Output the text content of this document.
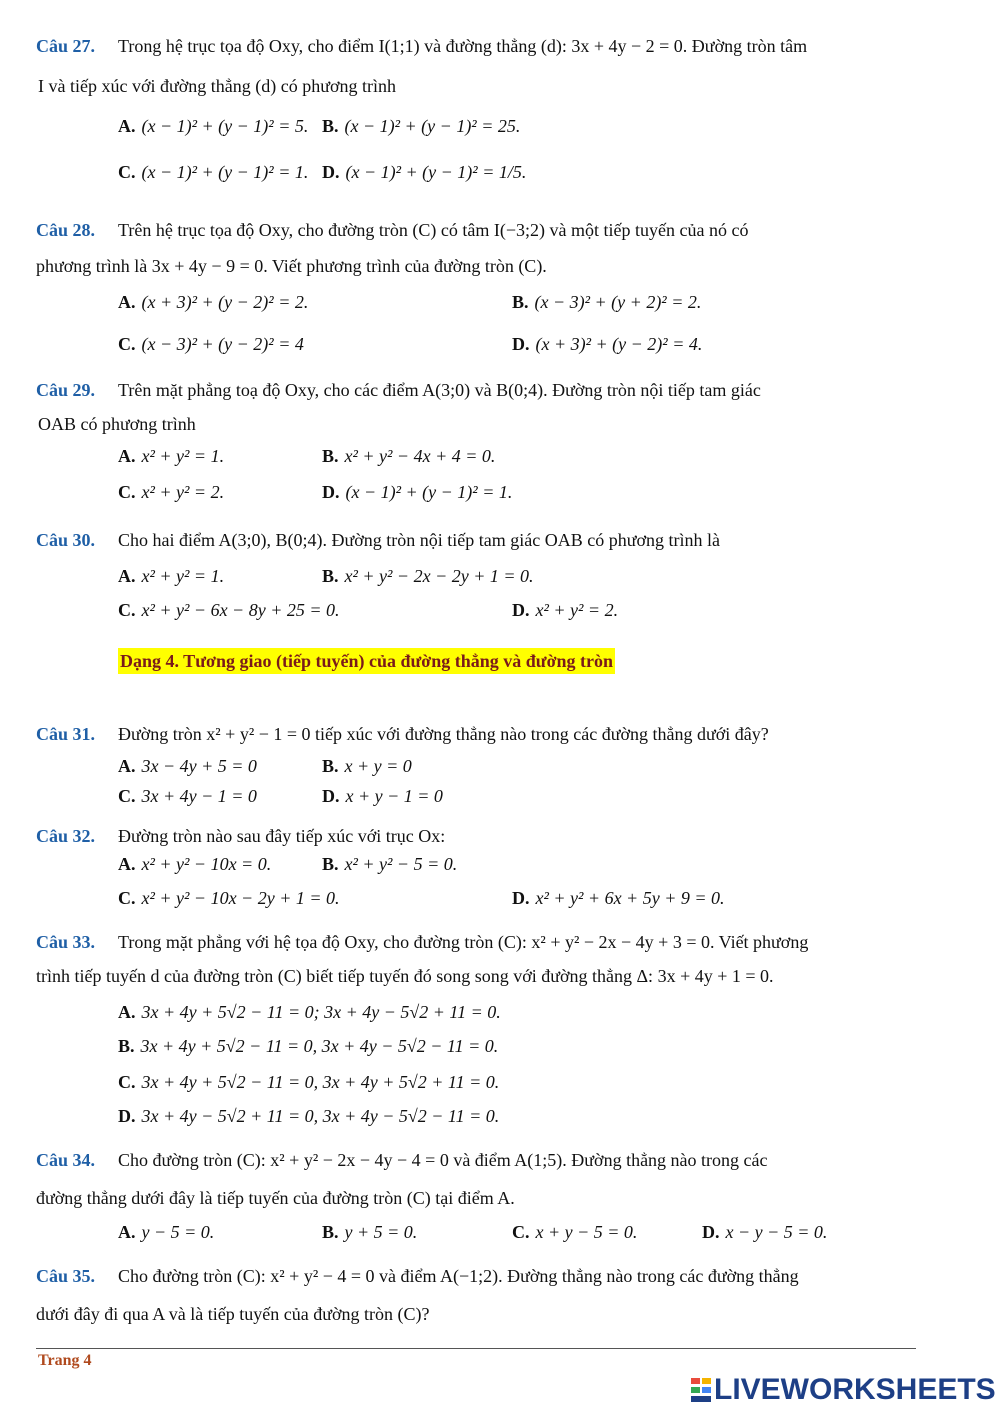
Câu 27. Trong hệ trục tọa độ Oxy, cho điểm I(1;1) và đường thẳng (d): 3x + 4y − 2 = 0. Đường tròn tâm
I và tiếp xúc với đường thẳng (d) có phương trình
A. (x − 1)² + (y − 1)² = 5. B. (x − 1)² + (y − 1)² = 25.
C. (x − 1)² + (y − 1)² = 1. D. (x − 1)² + (y − 1)² = 1/5.
Câu 28. Trên hệ trục tọa độ Oxy, cho đường tròn (C) có tâm I(−3;2) và một tiếp tuyến của nó có
phương trình là 3x + 4y − 9 = 0. Viết phương trình của đường tròn (C).
A. (x + 3)² + (y − 2)² = 2.	B. (x − 3)² + (y + 2)² = 2.
C. (x − 3)² + (y − 2)² = 4	D. (x + 3)² + (y − 2)² = 4.
Câu 29. Trên mặt phẳng toạ độ Oxy, cho các điểm A(3;0) và B(0;4). Đường tròn nội tiếp tam giác
OAB có phương trình
A. x² + y² = 1.	B. x² + y² − 4x + 4 = 0.
C. x² + y² = 2.	D. (x − 1)² + (y − 1)² = 1.
Câu 30. Cho hai điểm A(3;0), B(0;4). Đường tròn nội tiếp tam giác OAB có phương trình là
A. x² + y² = 1.	B. x² + y² − 2x − 2y + 1 = 0.
C. x² + y² − 6x − 8y + 25 = 0.	D. x² + y² = 2.
Dạng 4. Tương giao (tiếp tuyến) của đường thẳng và đường tròn
Câu 31. Đường tròn x² + y² − 1 = 0 tiếp xúc với đường thẳng nào trong các đường thẳng dưới đây?
A. 3x − 4y + 5 = 0	B. x + y = 0
C. 3x + 4y − 1 = 0	D. x + y − 1 = 0
Câu 32. Đường tròn nào sau đây tiếp xúc với trục Ox:
A. x² + y² − 10x = 0.	B. x² + y² − 5 = 0.
C. x² + y² − 10x − 2y + 1 = 0.	D. x² + y² + 6x + 5y + 9 = 0.
Câu 33. Trong mặt phẳng với hệ tọa độ Oxy, cho đường tròn (C): x² + y² − 2x − 4y + 3 = 0. Viết phương
trình tiếp tuyến d của đường tròn (C) biết tiếp tuyến đó song song với đường thẳng Δ: 3x + 4y + 1 = 0.
A. 3x + 4y + 5√2 − 11 = 0; 3x + 4y − 5√2 + 11 = 0.
B. 3x + 4y + 5√2 − 11 = 0, 3x + 4y − 5√2 − 11 = 0.
C. 3x + 4y + 5√2 − 11 = 0, 3x + 4y + 5√2 + 11 = 0.
D. 3x + 4y − 5√2 + 11 = 0, 3x + 4y − 5√2 − 11 = 0.
Câu 34. Cho đường tròn (C): x² + y² − 2x − 4y − 4 = 0 và điểm A(1;5). Đường thẳng nào trong các
đường thẳng dưới đây là tiếp tuyến của đường tròn (C) tại điểm A.
A. y − 5 = 0.	B. y + 5 = 0.	C. x + y − 5 = 0.	D. x − y − 5 = 0.
Câu 35. Cho đường tròn (C): x² + y² − 4 = 0 và điểm A(−1;2). Đường thẳng nào trong các đường thẳng
dưới đây đi qua A và là tiếp tuyến của đường tròn (C)?
Trang 4
LIVEWORKSHEETS
